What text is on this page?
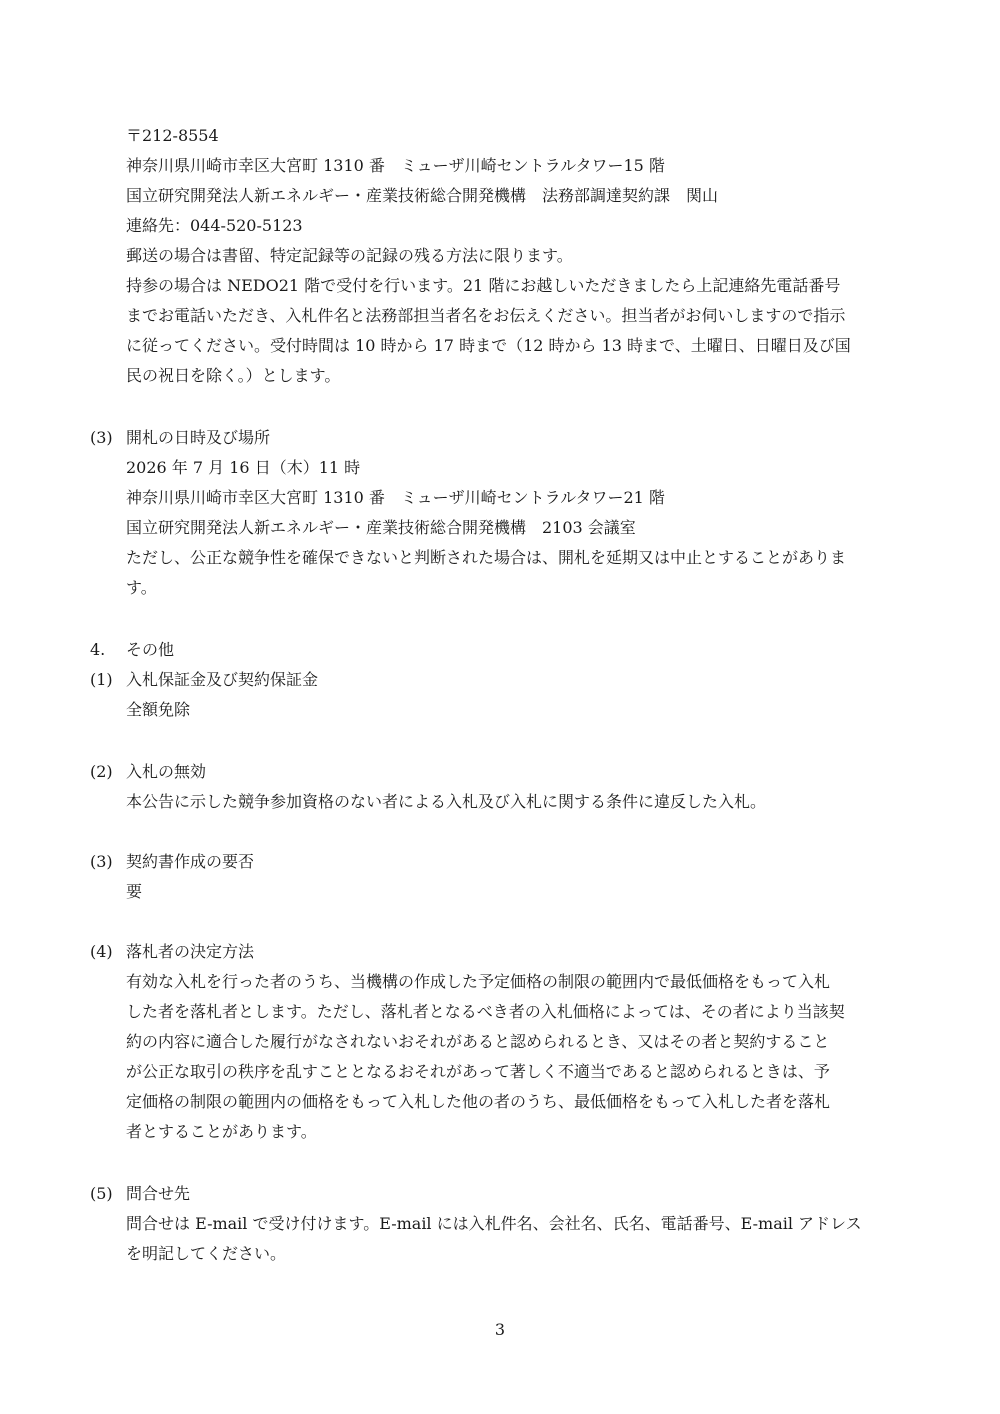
〒212-8554
神奈川県川崎市幸区大宮町 1310 番　ミューザ川崎セントラルタワー15 階
国立研究開発法人新エネルギー・産業技術総合開発機構　法務部調達契約課　関山
連絡先：044-520-5123
郵送の場合は書留、特定記録等の記録の残る方法に限ります。
持参の場合は NEDO21 階で受付を行います。21 階にお越しいただきましたら上記連絡先電話番号
までお電話いただき、入札件名と法務部担当者名をお伝えください。担当者がお伺いしますので指示
に従ってください。受付時間は 10 時から 17 時まで（12 時から 13 時まで、土曜日、日曜日及び国
民の祝日を除く。）とします。
(3) 開札の日時及び場所
2026 年 7 月 16 日（木）11 時
神奈川県川崎市幸区大宮町 1310 番　ミューザ川崎セントラルタワー21 階
国立研究開発法人新エネルギー・産業技術総合開発機構　2103 会議室
ただし、公正な競争性を確保できないと判断された場合は、開札を延期又は中止とすることがありま
す。
4. その他
(1) 入札保証金及び契約保証金
全額免除
(2) 入札の無効
本公告に示した競争参加資格のない者による入札及び入札に関する条件に違反した入札。
(3) 契約書作成の要否
要
(4) 落札者の決定方法
有効な入札を行った者のうち、当機構の作成した予定価格の制限の範囲内で最低価格をもって入札
した者を落札者とします。ただし、落札者となるべき者の入札価格によっては、その者により当該契
約の内容に適合した履行がなされないおそれがあると認められるとき、又はその者と契約すること
が公正な取引の秩序を乱すこととなるおそれがあって著しく不適当であると認められるときは、予
定価格の制限の範囲内の価格をもって入札した他の者のうち、最低価格をもって入札した者を落札
者とすることがあります。
(5) 問合せ先
問合せは E-mail で受け付けます。E-mail には入札件名、会社名、氏名、電話番号、E-mail アドレス
を明記してください。
3
